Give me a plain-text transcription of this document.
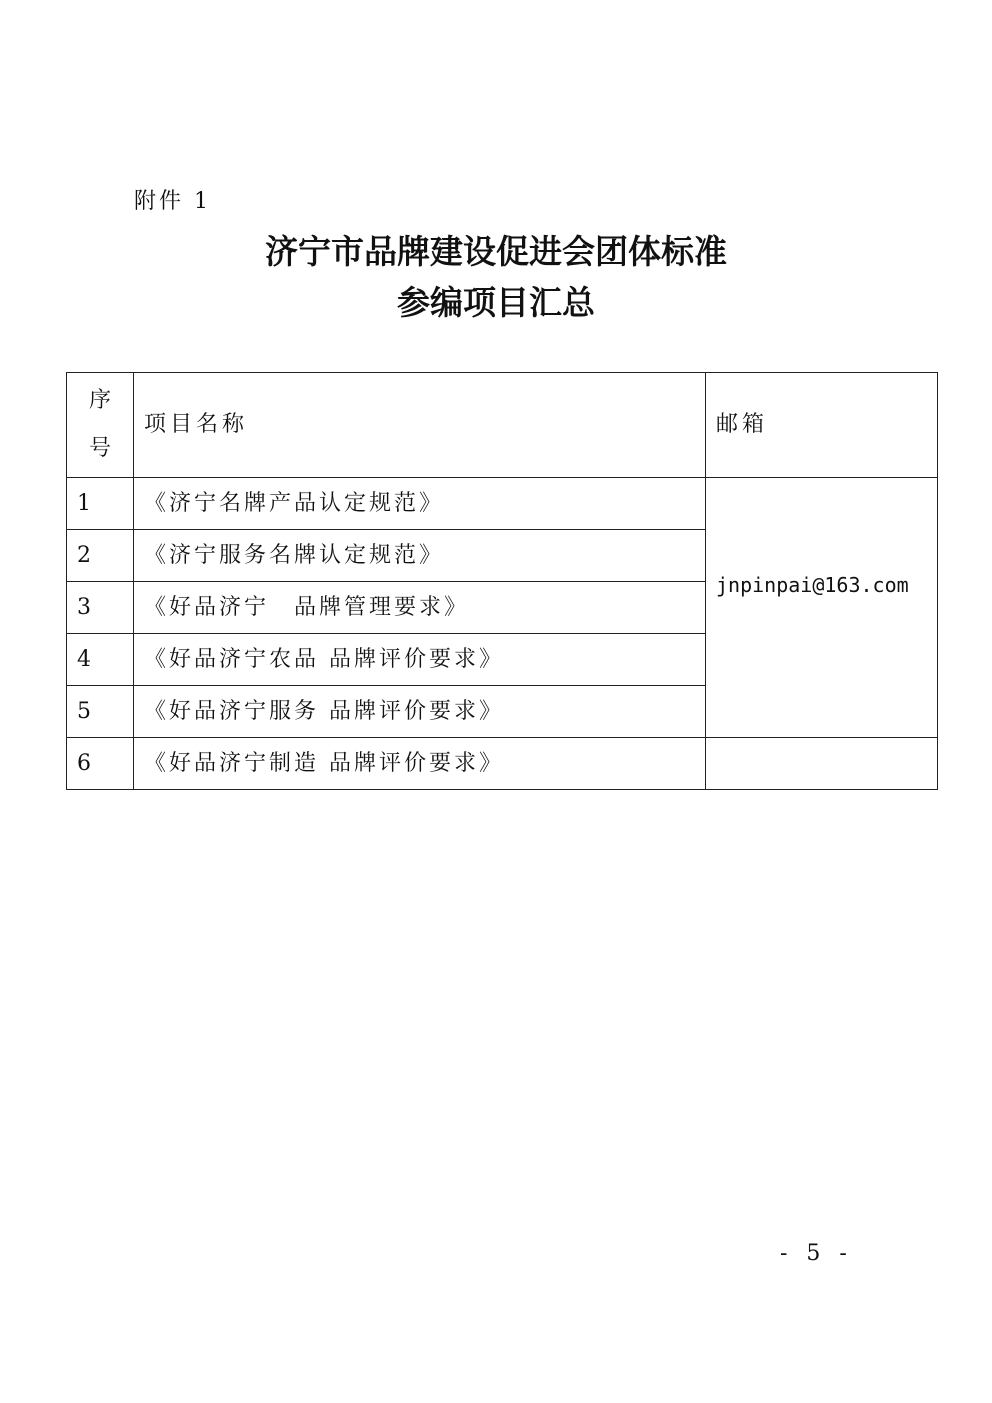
附件 1
济宁市品牌建设促进会团体标准
参编项目汇总
序
号	项目名称	邮箱
1	《济宁名牌产品认定规范》	jnpinpai@163.com
2	《济宁服务名牌认定规范》	
3	《好品济宁　品牌管理要求》	
4	《好品济宁农品 品牌评价要求》	
5	《好品济宁服务 品牌评价要求》	
6	《好品济宁制造 品牌评价要求》	
- 5 -
